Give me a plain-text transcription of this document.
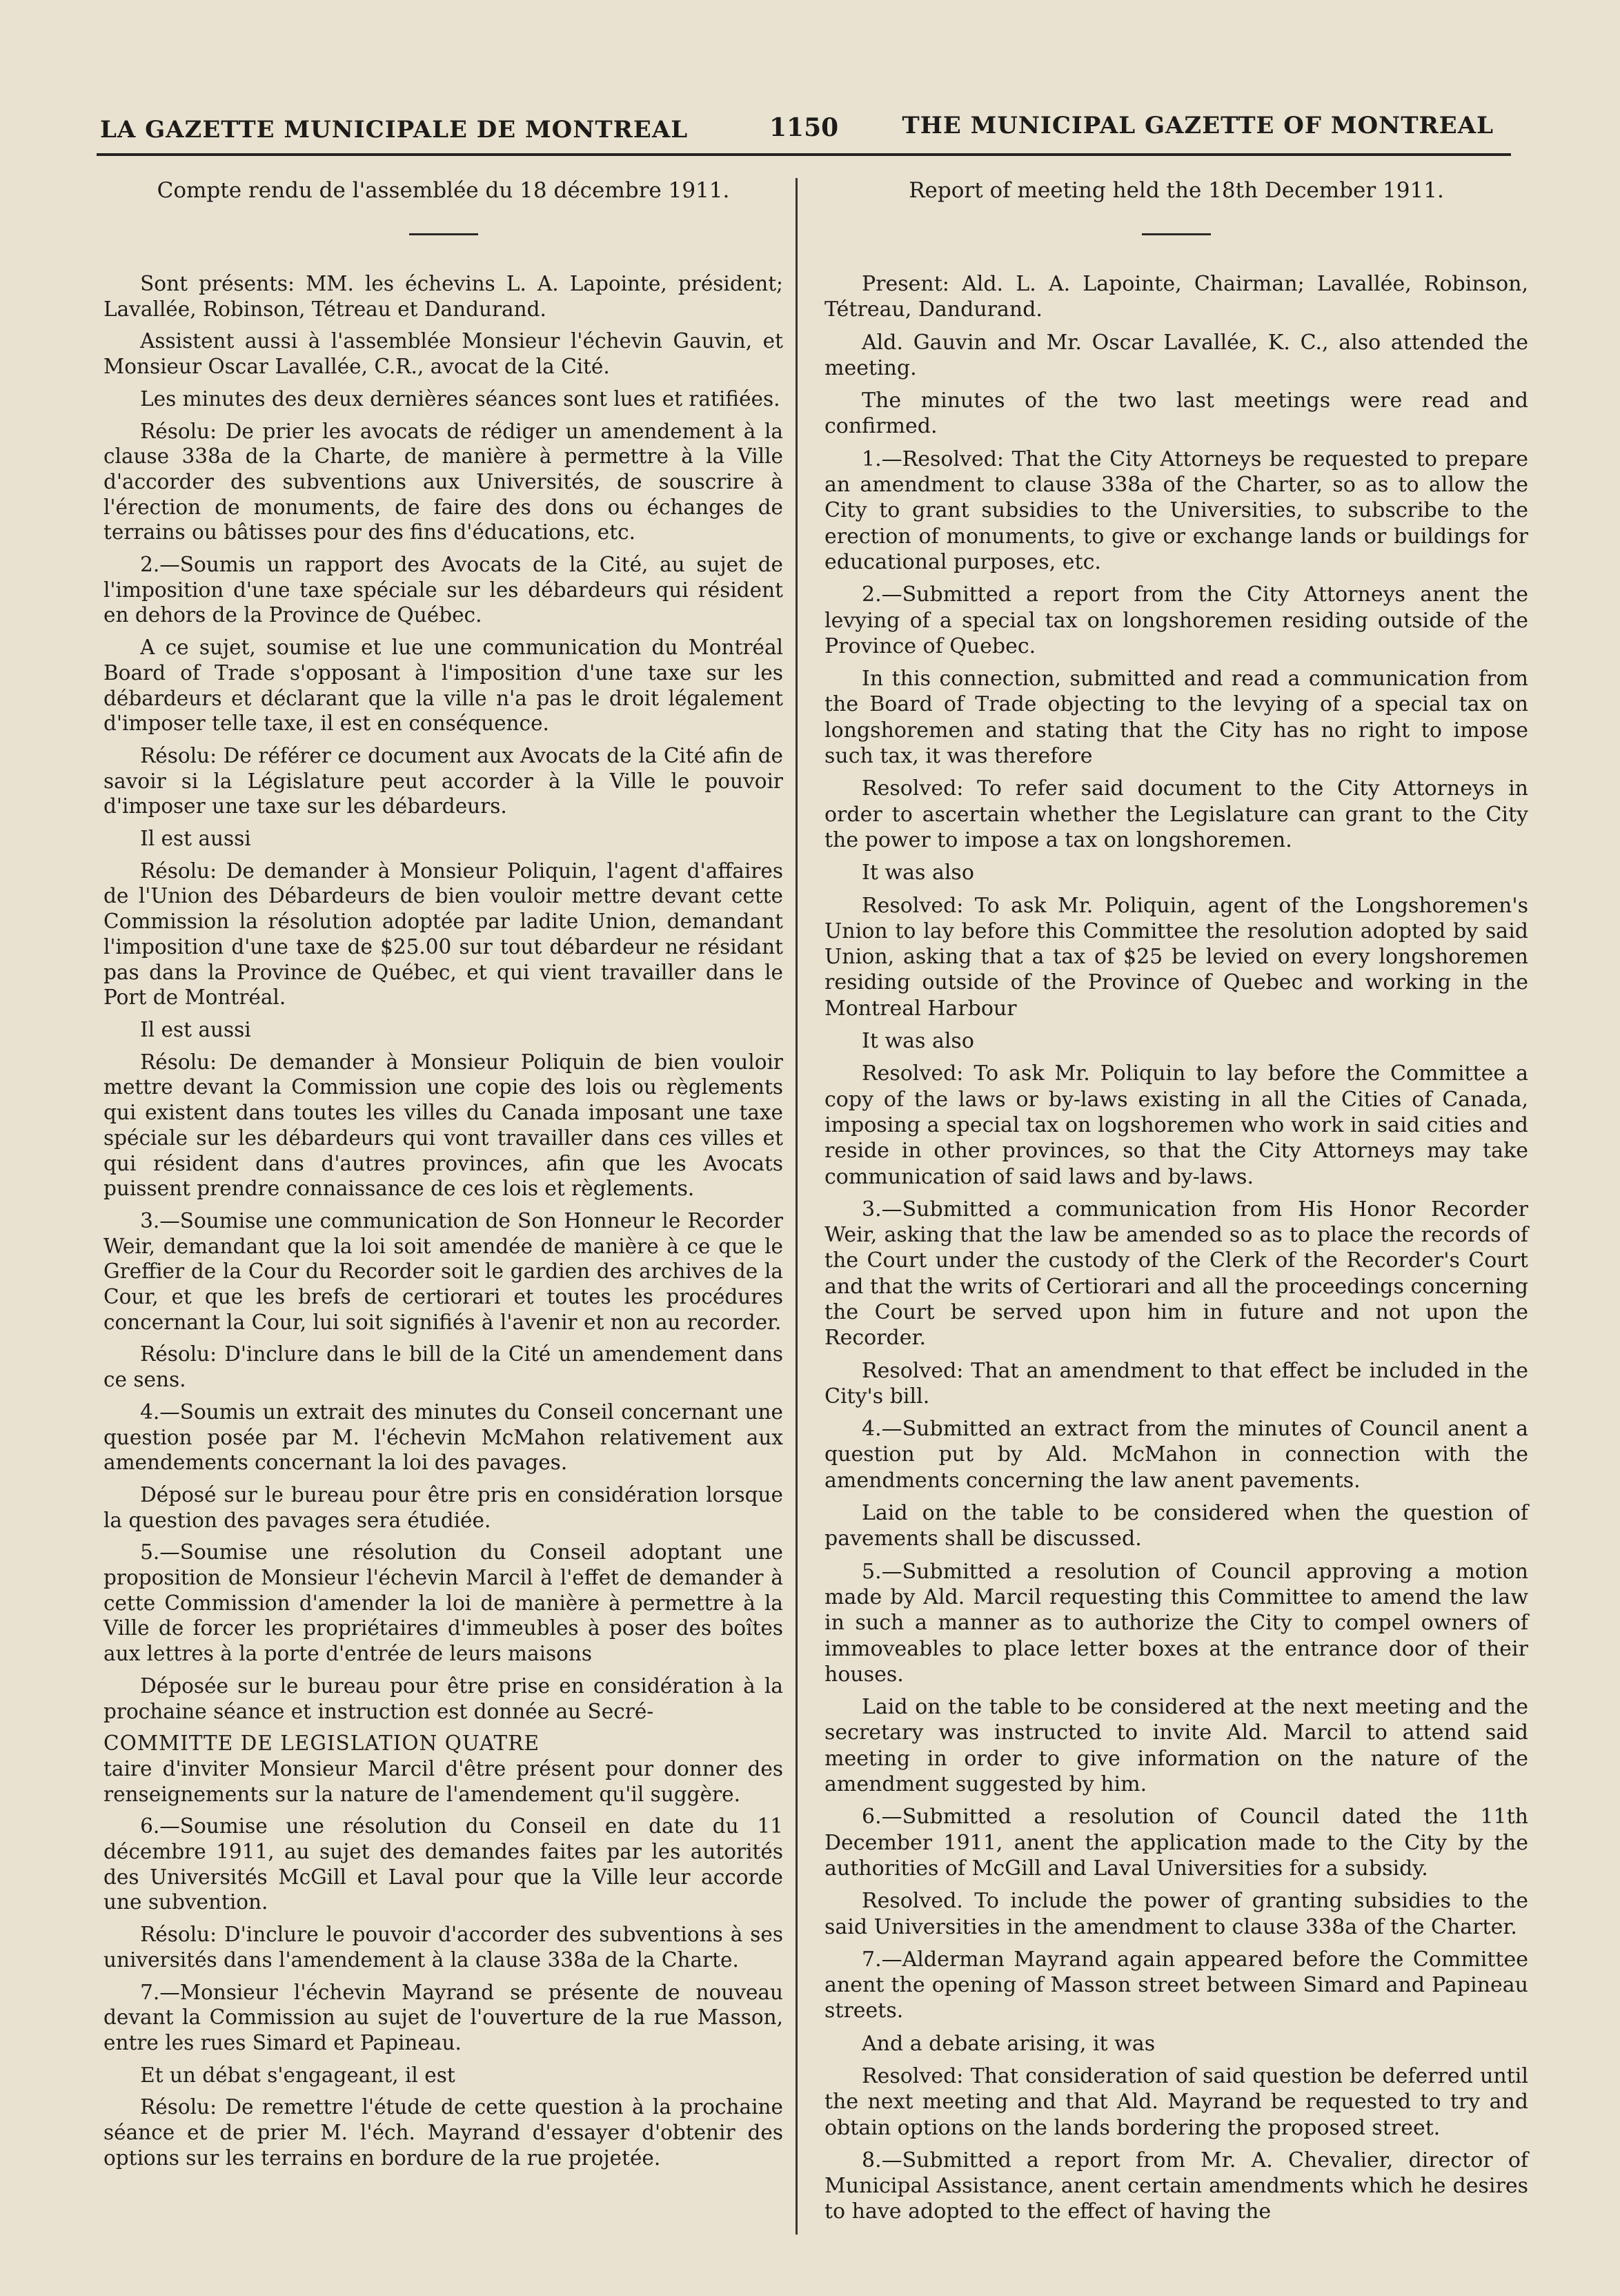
LA GAZETTE MUNICIPALE DE MONTREAL	1150	THE MUNICIPAL GAZETTE OF MONTREAL
Compte rendu de l'assemblée du 18 décembre 1911.
Sont présents: MM. les échevins L. A. Lapointe, président; Lavallée, Robinson, Tétreau et Dandurand.
Assistent aussi à l'assemblée Monsieur l'échevin Gauvin, et Monsieur Oscar Lavallée, C.R., avocat de la Cité.
Les minutes des deux dernières séances sont lues et ratifiées.
Résolu: De prier les avocats de rédiger un amendement à la clause 338a de la Charte, de manière à permettre à la Ville d'accorder des subventions aux Universités, de souscrire à l'érection de monuments, de faire des dons ou échanges de terrains ou bâtisses pour des fins d'éducations, etc.
2.—Soumis un rapport des Avocats de la Cité, au sujet de l'imposition d'une taxe spéciale sur les débardeurs qui résident en dehors de la Province de Québec.
A ce sujet, soumise et lue une communication du Montréal Board of Trade s'opposant à l'imposition d'une taxe sur les débardeurs et déclarant que la ville n'a pas le droit légalement d'imposer telle taxe, il est en conséquence.
Résolu: De référer ce document aux Avocats de la Cité afin de savoir si la Législature peut accorder à la Ville le pouvoir d'imposer une taxe sur les débardeurs.
Il est aussi
Résolu: De demander à Monsieur Poliquin, l'agent d'affaires de l'Union des Débardeurs de bien vouloir mettre devant cette Commission la résolution adoptée par ladite Union, demandant l'imposition d'une taxe de $25.00 sur tout débardeur ne résidant pas dans la Province de Québec, et qui vient travailler dans le Port de Montréal.
Il est aussi
Résolu: De demander à Monsieur Poliquin de bien vouloir mettre devant la Commission une copie des lois ou règlements qui existent dans toutes les villes du Canada imposant une taxe spéciale sur les débardeurs qui vont travailler dans ces villes et qui résident dans d'autres provinces, afin que les Avocats puissent prendre connaissance de ces lois et règlements.
3.—Soumise une communication de Son Honneur le Recorder Weir, demandant que la loi soit amendée de manière à ce que le Greffier de la Cour du Recorder soit le gardien des archives de la Cour, et que les brefs de certiorari et toutes les procédures concernant la Cour, lui soit signifiés à l'avenir et non au recorder.
Résolu: D'inclure dans le bill de la Cité un amendement dans ce sens.
4.—Soumis un extrait des minutes du Conseil concernant une question posée par M. l'échevin McMahon relativement aux amendements concernant la loi des pavages.
Déposé sur le bureau pour être pris en considération lorsque la question des pavages sera étudiée.
5.—Soumise une résolution du Conseil adoptant une proposition de Monsieur l'échevin Marcil à l'effet de demander à cette Commission d'amender la loi de manière à permettre à la Ville de forcer les propriétaires d'immeubles à poser des boîtes aux lettres à la porte d'entrée de leurs maisons
Déposée sur le bureau pour être prise en considération à la prochaine séance et instruction est donnée au Secré-
COMMITTE DE LEGISLATION QUATRE
taire d'inviter Monsieur Marcil d'être présent pour donner des renseignements sur la nature de l'amendement qu'il suggère.
6.—Soumise une résolution du Conseil en date du 11 décembre 1911, au sujet des demandes faites par les autorités des Universités McGill et Laval pour que la Ville leur accorde une subvention.
Résolu: D'inclure le pouvoir d'accorder des subventions à ses universités dans l'amendement à la clause 338a de la Charte.
7.—Monsieur l'échevin Mayrand se présente de nouveau devant la Commission au sujet de l'ouverture de la rue Masson, entre les rues Simard et Papineau.
Et un débat s'engageant, il est
Résolu: De remettre l'étude de cette question à la prochaine séance et de prier M. l'éch. Mayrand d'essayer d'obtenir des options sur les terrains en bordure de la rue projetée.
Report of meeting held the 18th December 1911.
Present: Ald. L. A. Lapointe, Chairman; Lavallée, Robinson, Tétreau, Dandurand.
Ald. Gauvin and Mr. Oscar Lavallée, K. C., also attended the meeting.
The minutes of the two last meetings were read and confirmed.
1.—Resolved: That the City Attorneys be requested to prepare an amendment to clause 338a of the Charter, so as to allow the City to grant subsidies to the Universities, to subscribe to the erection of monuments, to give or exchange lands or buildings for educational purposes, etc.
2.—Submitted a report from the City Attorneys anent the levying of a special tax on longshoremen residing outside of the Province of Quebec.
In this connection, submitted and read a communication from the Board of Trade objecting to the levying of a special tax on longshoremen and stating that the City has no right to impose such tax, it was therefore
Resolved: To refer said document to the City Attorneys in order to ascertain whether the Legislature can grant to the City the power to impose a tax on longshoremen.
It was also
Resolved: To ask Mr. Poliquin, agent of the Longshoremen's Union to lay before this Committee the resolution adopted by said Union, asking that a tax of $25 be levied on every longshoremen residing outside of the Province of Quebec and working in the Montreal Harbour
It was also
Resolved: To ask Mr. Poliquin to lay before the Committee a copy of the laws or by-laws existing in all the Cities of Canada, imposing a special tax on logshoremen who work in said cities and reside in other provinces, so that the City Attorneys may take communication of said laws and by-laws.
3.—Submitted a communication from His Honor Recorder Weir, asking that the law be amended so as to place the records of the Court under the custody of the Clerk of the Recorder's Court and that the writs of Certiorari and all the proceedings concerning the Court be served upon him in future and not upon the Recorder.
Resolved: That an amendment to that effect be included in the City's bill.
4.—Submitted an extract from the minutes of Council anent a question put by Ald. McMahon in connection with the amendments concerning the law anent pavements.
Laid on the table to be considered when the question of pavements shall be discussed.
5.—Submitted a resolution of Council approving a motion made by Ald. Marcil requesting this Committee to amend the law in such a manner as to authorize the City to compel owners of immoveables to place letter boxes at the entrance door of their houses.
Laid on the table to be considered at the next meeting and the secretary was instructed to invite Ald. Marcil to attend said meeting in order to give information on the nature of the amendment suggested by him.
6.—Submitted a resolution of Council dated the 11th December 1911, anent the application made to the City by the authorities of McGill and Laval Universities for a subsidy.
Resolved. To include the power of granting subsidies to the said Universities in the amendment to clause 338a of the Charter.
7.—Alderman Mayrand again appeared before the Committee anent the opening of Masson street between Simard and Papineau streets.
And a debate arising, it was
Resolved: That consideration of said question be deferred until the next meeting and that Ald. Mayrand be requested to try and obtain options on the lands bordering the proposed street.
8.—Submitted a report from Mr. A. Chevalier, director of Municipal Assistance, anent certain amendments which he desires to have adopted to the effect of having the
